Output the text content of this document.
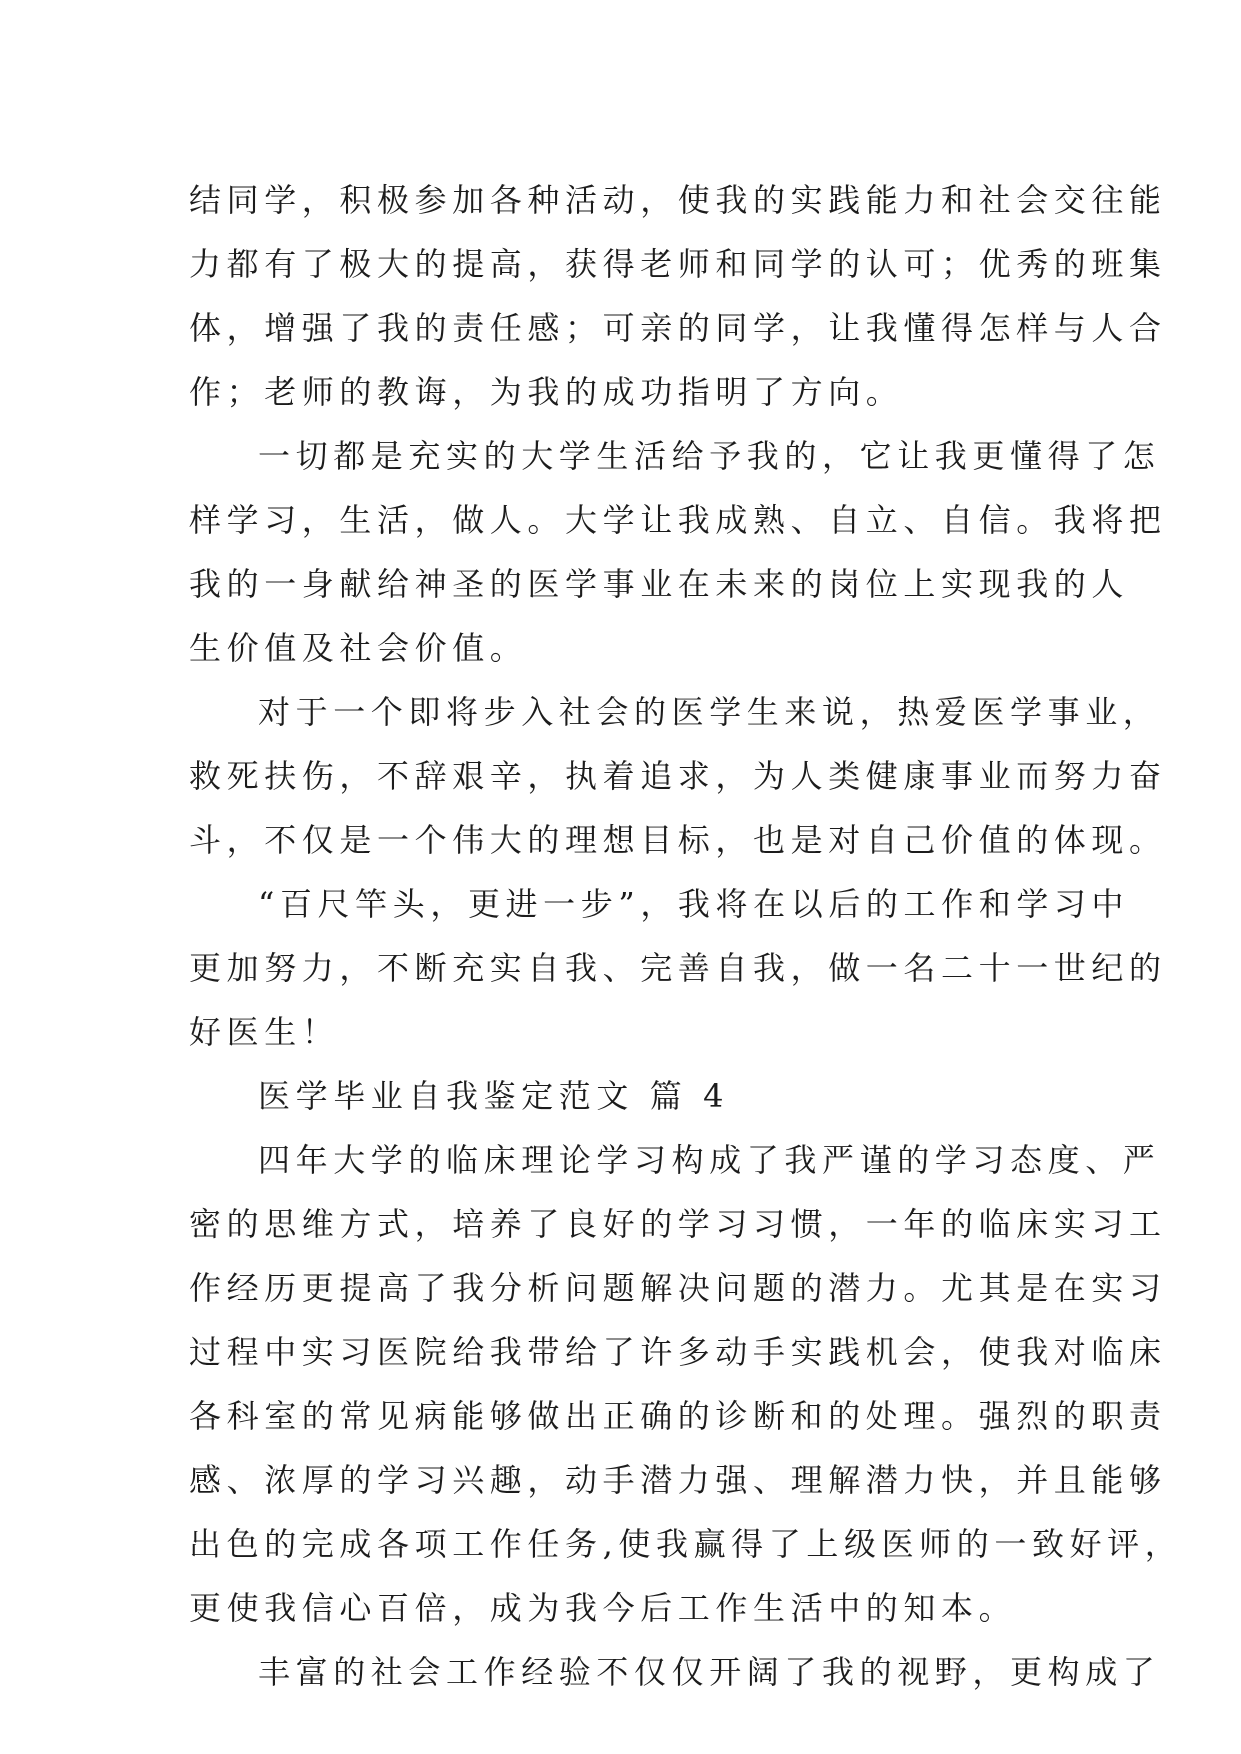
结同学，积极参加各种活动，使我的实践能力和社会交往能
力都有了极大的提高，获得老师和同学的认可；优秀的班集
体，增强了我的责任感；可亲的同学，让我懂得怎样与人合
作；老师的教诲，为我的成功指明了方向。
一切都是充实的大学生活给予我的，它让我更懂得了怎
样学习，生活，做人。大学让我成熟、自立、自信。我将把
我的一身献给神圣的医学事业在未来的岗位上实现我的人
生价值及社会价值。
对于一个即将步入社会的医学生来说，热爱医学事业，
救死扶伤，不辞艰辛，执着追求，为人类健康事业而努力奋
斗，不仅是一个伟大的理想目标，也是对自己价值的体现。
“百尺竿头，更进一步”，我将在以后的工作和学习中
更加努力，不断充实自我、完善自我，做一名二十一世纪的
好医生！
医学毕业自我鉴定范文 篇 4
四年大学的临床理论学习构成了我严谨的学习态度、严
密的思维方式，培养了良好的学习习惯，一年的临床实习工
作经历更提高了我分析问题解决问题的潜力。尤其是在实习
过程中实习医院给我带给了许多动手实践机会，使我对临床
各科室的常见病能够做出正确的诊断和的处理。强烈的职责
感、浓厚的学习兴趣，动手潜力强、理解潜力快，并且能够
出色的完成各项工作任务,使我赢得了上级医师的一致好评，
更使我信心百倍，成为我今后工作生活中的知本。
丰富的社会工作经验不仅仅开阔了我的视野，更构成了
